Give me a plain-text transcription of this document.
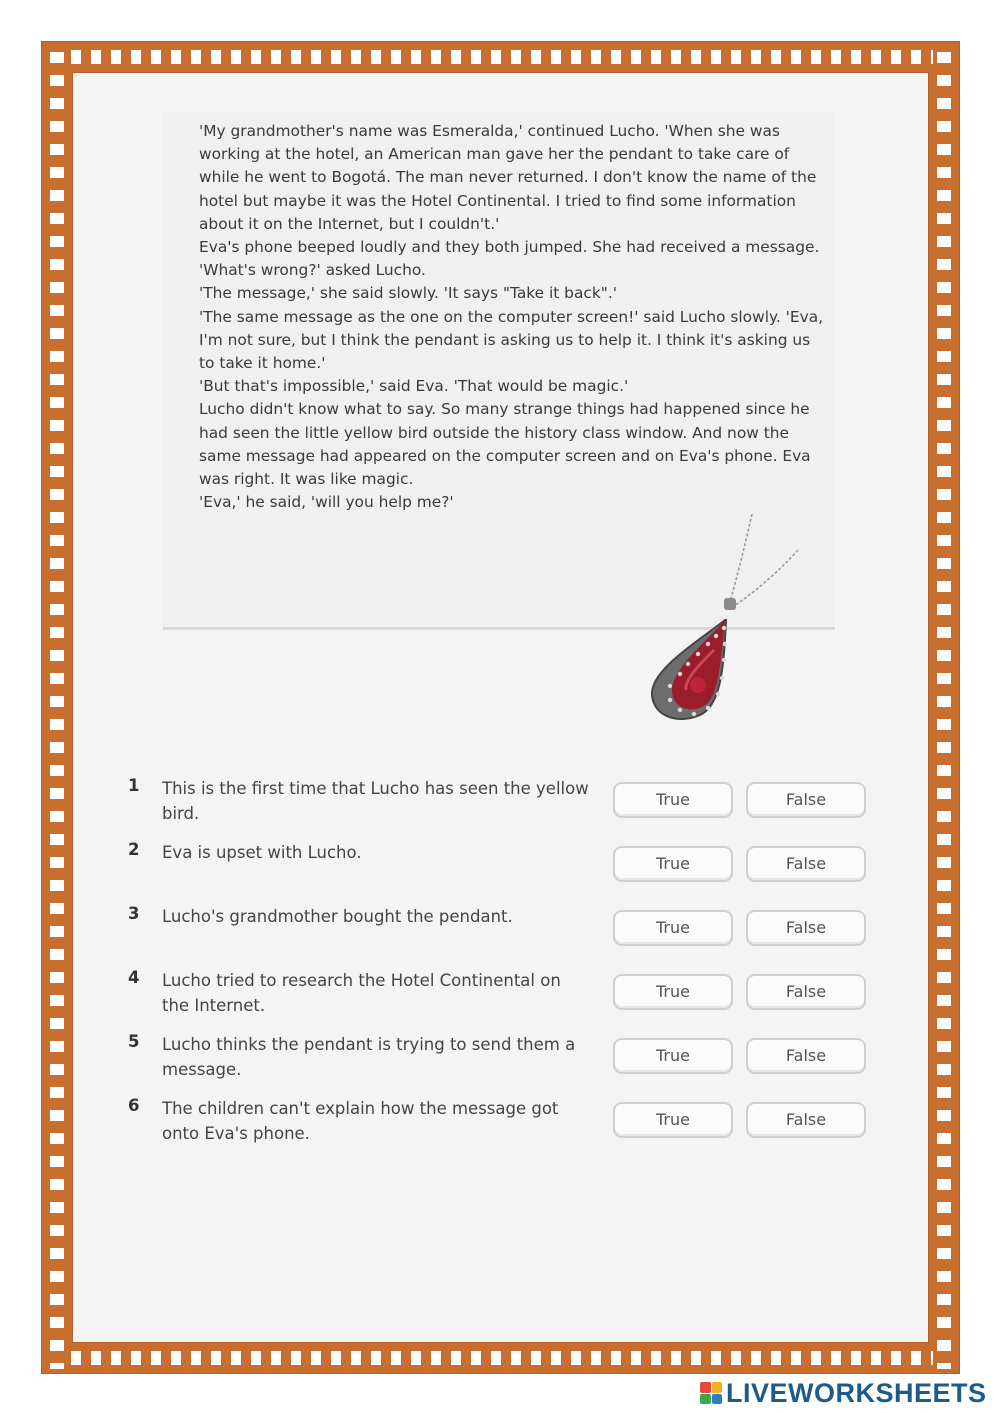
'My grandmother's name was Esmeralda,' continued Lucho. 'When she was working at the hotel, an American man gave her the pendant to take care of while he went to Bogotá. The man never returned. I don't know the name of the hotel but maybe it was the Hotel Continental. I tried to find some information about it on the Internet, but I couldn't.'
Eva's phone beeped loudly and they both jumped. She had received a message.
'What's wrong?' asked Lucho.
'The message,' she said slowly. 'It says "Take it back".'
'The same message as the one on the computer screen!' said Lucho slowly. 'Eva, I'm not sure, but I think the pendant is asking us to help it. I think it's asking us to take it home.'
'But that's impossible,' said Eva. 'That would be magic.'
Lucho didn't know what to say. So many strange things had happened since he had seen the little yellow bird outside the history class window. And now the same message had appeared on the computer screen and on Eva's phone. Eva was right. It was like magic.
'Eva,' he said, 'will you help me?'

1 This is the first time that Lucho has seen the yellow bird.
True	False
2 Eva is upset with Lucho.
True	False
3 Lucho's grandmother bought the pendant.
True	False
4 Lucho tried to research the Hotel Continental on the Internet.
True	False
5 Lucho thinks the pendant is trying to send them a message.
True	False
6 The children can't explain how the message got onto Eva's phone.
True	False
LIVEWORKSHEETS
